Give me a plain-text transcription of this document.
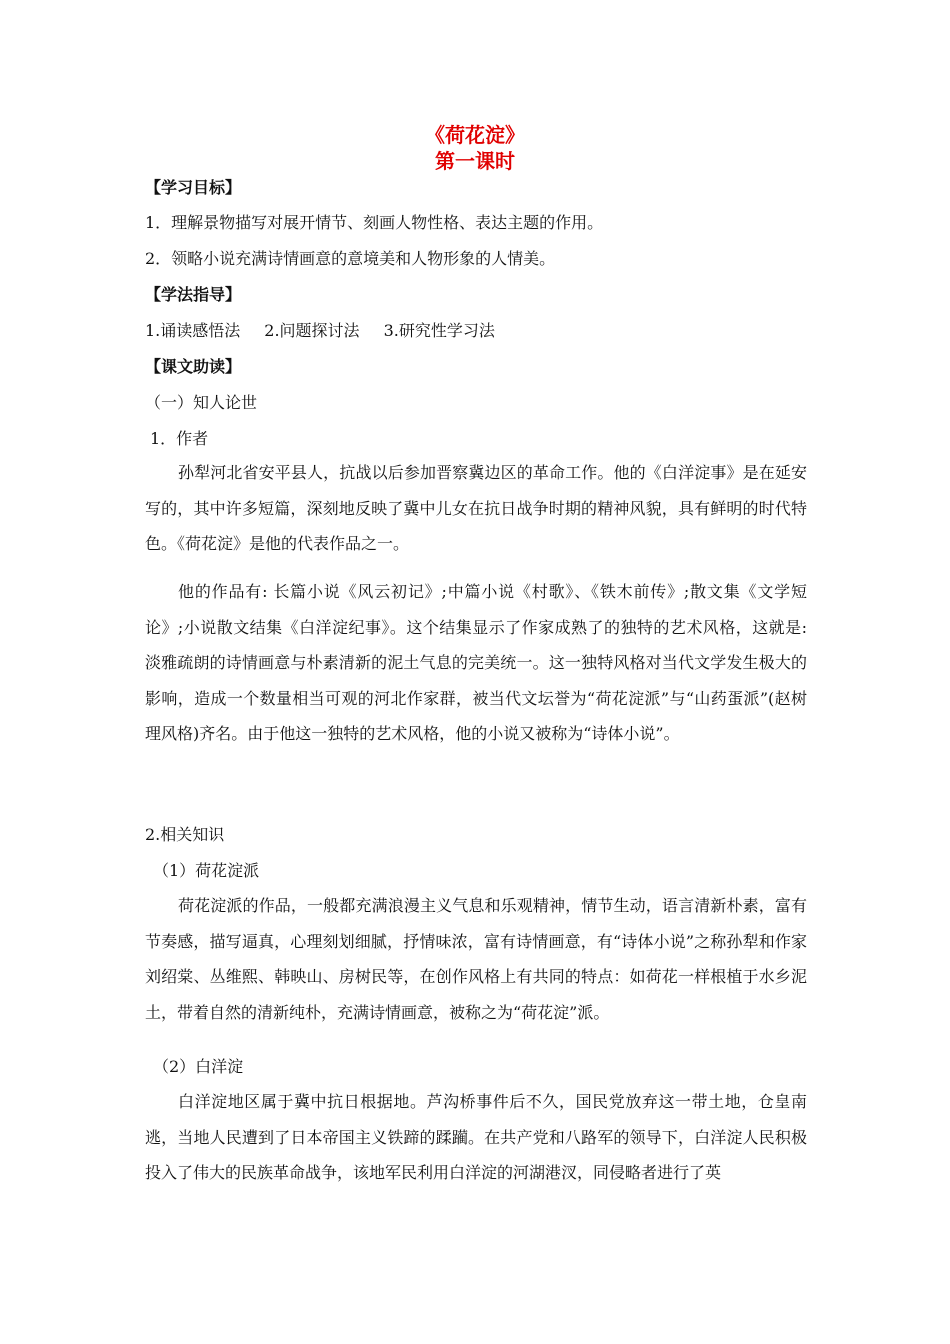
《荷花淀》
第一课时
【学习目标】
1．理解景物描写对展开情节、刻画人物性格、表达主题的作用。
2．领略小说充满诗情画意的意境美和人物形象的人情美。
【学法指导】
1.诵读感悟法 2.问题探讨法 3.研究性学习法
【课文助读】
（一）知人论世
1．作者
孙犁河北省安平县人，抗战以后参加晋察冀边区的革命工作。他的《白洋淀事》是在延安写的，其中许多短篇，深刻地反映了冀中儿女在抗日战争时期的精神风貌，具有鲜明的时代特色。《荷花淀》是他的代表作品之一。
他的作品有: 长篇小说《风云初记》;中篇小说《村歌》、《铁木前传》;散文集《文学短论》;小说散文结集《白洋淀纪事》。这个结集显示了作家成熟了的独特的艺术风格，这就是: 淡雅疏朗的诗情画意与朴素清新的泥土气息的完美统一。这一独特风格对当代文学发生极大的影响，造成一个数量相当可观的河北作家群，被当代文坛誉为“荷花淀派”与“山药蛋派”(赵树理风格)齐名。由于他这一独特的艺术风格，他的小说又被称为“诗体小说”。
2.相关知识
（1）荷花淀派
荷花淀派的作品，一般都充满浪漫主义气息和乐观精神，情节生动，语言清新朴素，富有节奏感，描写逼真，心理刻划细腻，抒情味浓，富有诗情画意，有“诗体小说”之称孙犁和作家刘绍棠、丛维熙、韩映山、房树民等，在创作风格上有共同的特点：如荷花一样根植于水乡泥土，带着自然的清新纯朴，充满诗情画意，被称之为“荷花淀”派。
（2）白洋淀
白洋淀地区属于冀中抗日根据地。芦沟桥事件后不久，国民党放弃这一带土地，仓皇南逃，当地人民遭到了日本帝国主义铁蹄的蹂躏。在共产党和八路军的领导下，白洋淀人民积极投入了伟大的民族革命战争，该地军民利用白洋淀的河湖港汊，同侵略者进行了英
